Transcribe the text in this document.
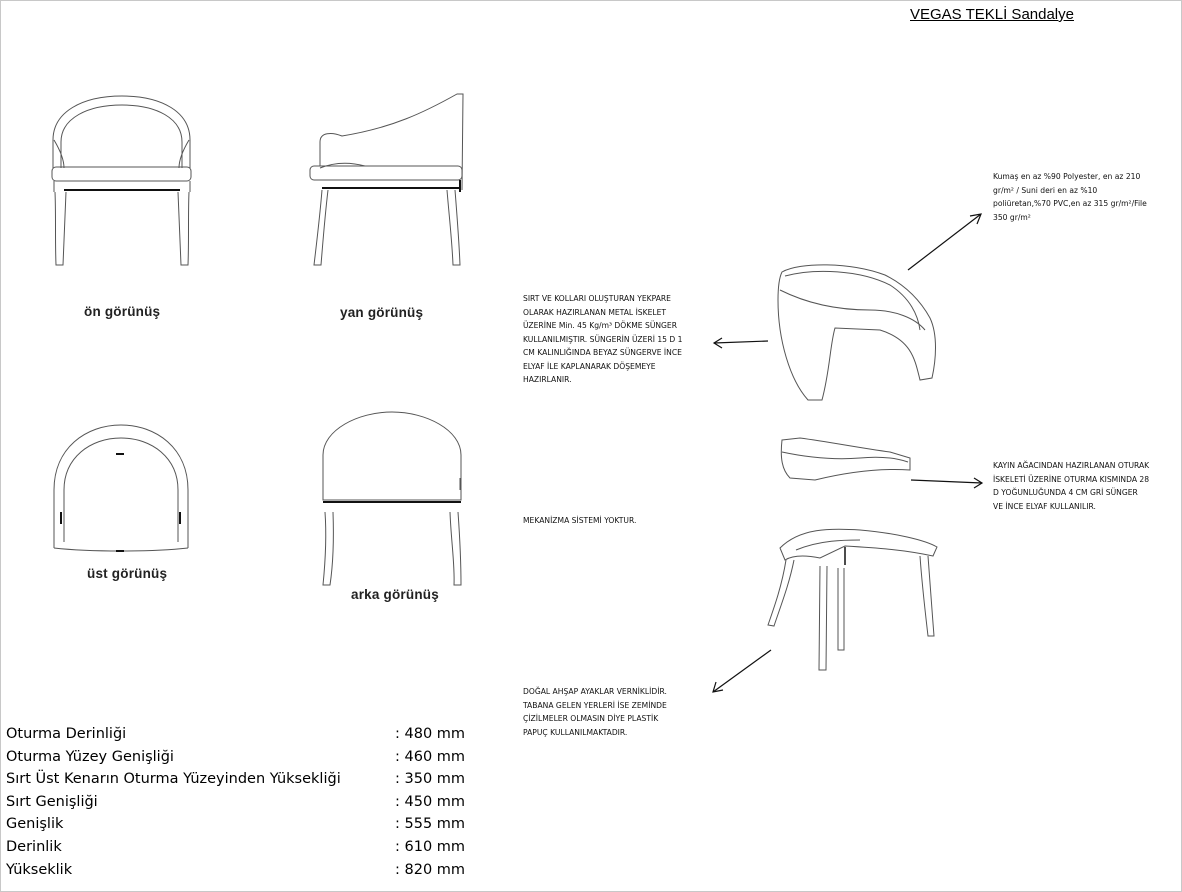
VEGAS TEKLİ Sandalye
ön görünüş	yan görünüş
üst görünüş
arka görünüş
Kumaş en az %90 Polyester, en az 210
gr/m² / Suni deri en az %10
poliüretan,%70 PVC,en az 315 gr/m²/File
350 gr/m²
SIRT VE KOLLARI OLUŞTURAN YEKPARE
OLARAK HAZIRLANAN METAL İSKELET
ÜZERİNE Min. 45 Kg/m³ DÖKME SÜNGER
KULLANILMIŞTIR. SÜNGERİN ÜZERİ 15 D 1
CM KALINLIĞINDA BEYAZ SÜNGERVE İNCE
ELYAF İLE KAPLANARAK DÖŞEMEYE
HAZIRLANIR.
KAYIN AĞACINDAN HAZIRLANAN OTURAK
İSKELETİ ÜZERİNE OTURMA KISMINDA 28
D YOĞUNLUĞUNDA 4 CM GRİ SÜNGER
VE İNCE ELYAF KULLANILIR.
MEKANİZMA SİSTEMİ YOKTUR.
DOĞAL AHŞAP AYAKLAR VERNİKLİDİR.
TABANA GELEN YERLERİ İSE ZEMİNDE
ÇİZİLMELER OLMASIN DİYE PLASTİK
PAPUÇ KULLANILMAKTADIR.
Oturma Derinliği	: 480 mm
Oturma Yüzey Genişliği	: 460 mm
Sırt Üst Kenarın Oturma Yüzeyinden Yüksekliği	: 350 mm
Sırt Genişliği	: 450 mm
Genişlik	: 555 mm
Derinlik	: 610 mm
Yükseklik	: 820 mm
